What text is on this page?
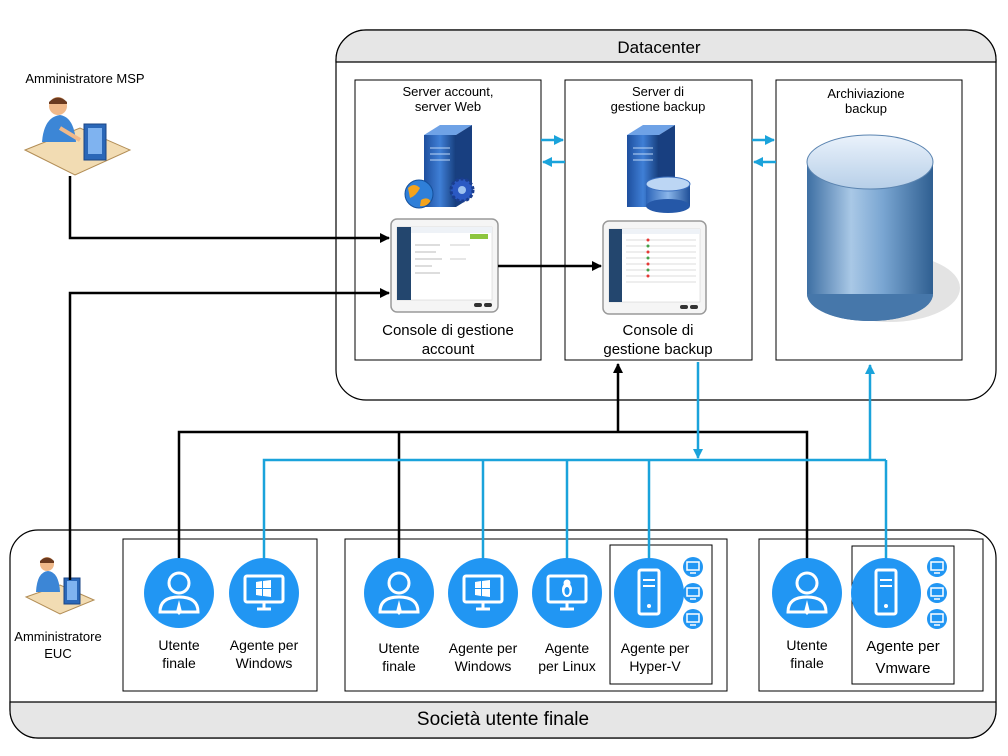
Datacenter
Server account,
server Web
Console di gestione
account
Server di
gestione backup
Console di
gestione backup
Archiviazione
backup
Amministratore MSP
Società utente finale
Amministratore
EUC
Utente
finale
Agente per
Windows
Utente
finale
Agente per
Windows
Agente
per Linux
Agente per
Hyper-V
Utente
finale
Agente per
Vmware
